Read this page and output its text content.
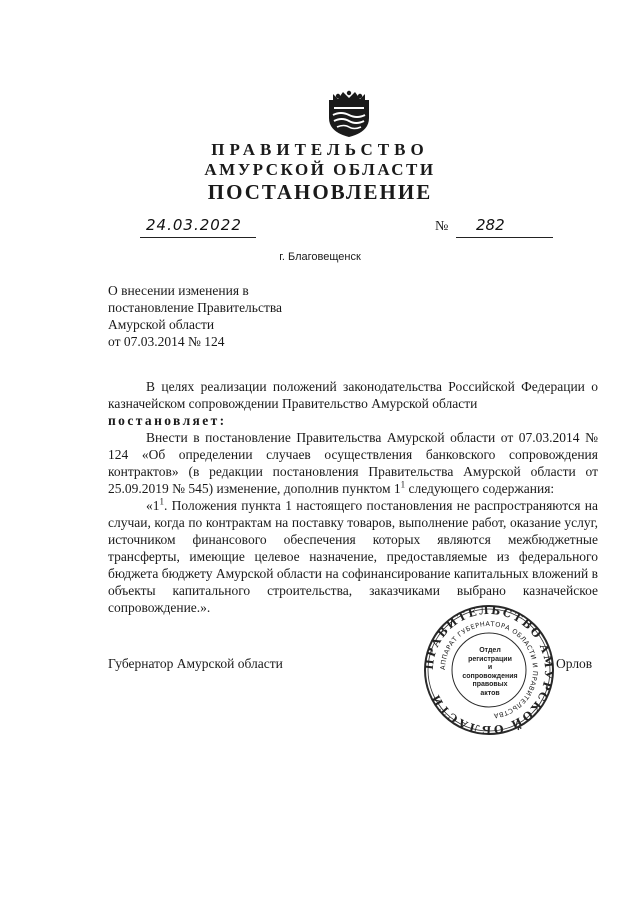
ПРАВИТЕЛЬСТВО
АМУРСКОЙ ОБЛАСТИ
ПОСТАНОВЛЕНИЕ
24.03.2022	№ 282
г. Благовещенск
О внесении изменения в
постановление Правительства
Амурской области
от 07.03.2014 № 124

В целях реализации положений законодательства Российской Федерации о казначейском сопровождении Правительство Амурской области

постановляет:

Внести в постановление Правительства Амурской области от 07.03.2014 № 124 «Об определении случаев осуществления банковского сопровождения контрактов» (в редакции постановления Правительства Амурской области от 25.09.2019 № 545) изменение, дополнив пунктом $1^1$ следующего содержания:

«$1^1$. Положения пункта 1 настоящего постановления не распространяются на случаи, когда по контрактам на поставку товаров, выполнение работ, оказание услуг, источником финансового обеспечения которых являются межбюджетные трансферты, имеющие целевое назначение, предоставляемые из федерального бюджета бюджету Амурской области на софинансирование капитальных вложений в объекты капитального строительства, заказчиками выбрано казначейское сопровождение.».

Губернатор Амурской области	Орлов
ПРАВИТЕЛЬСТВО АМУРСКОЙ ОБЛАСТИ
АППАРАТ ГУБЕРНАТОРА ОБЛАСТИ И ПРАВИТЕЛЬСТВА
Отдел
регистрации
и сопровождения
правовых актов
